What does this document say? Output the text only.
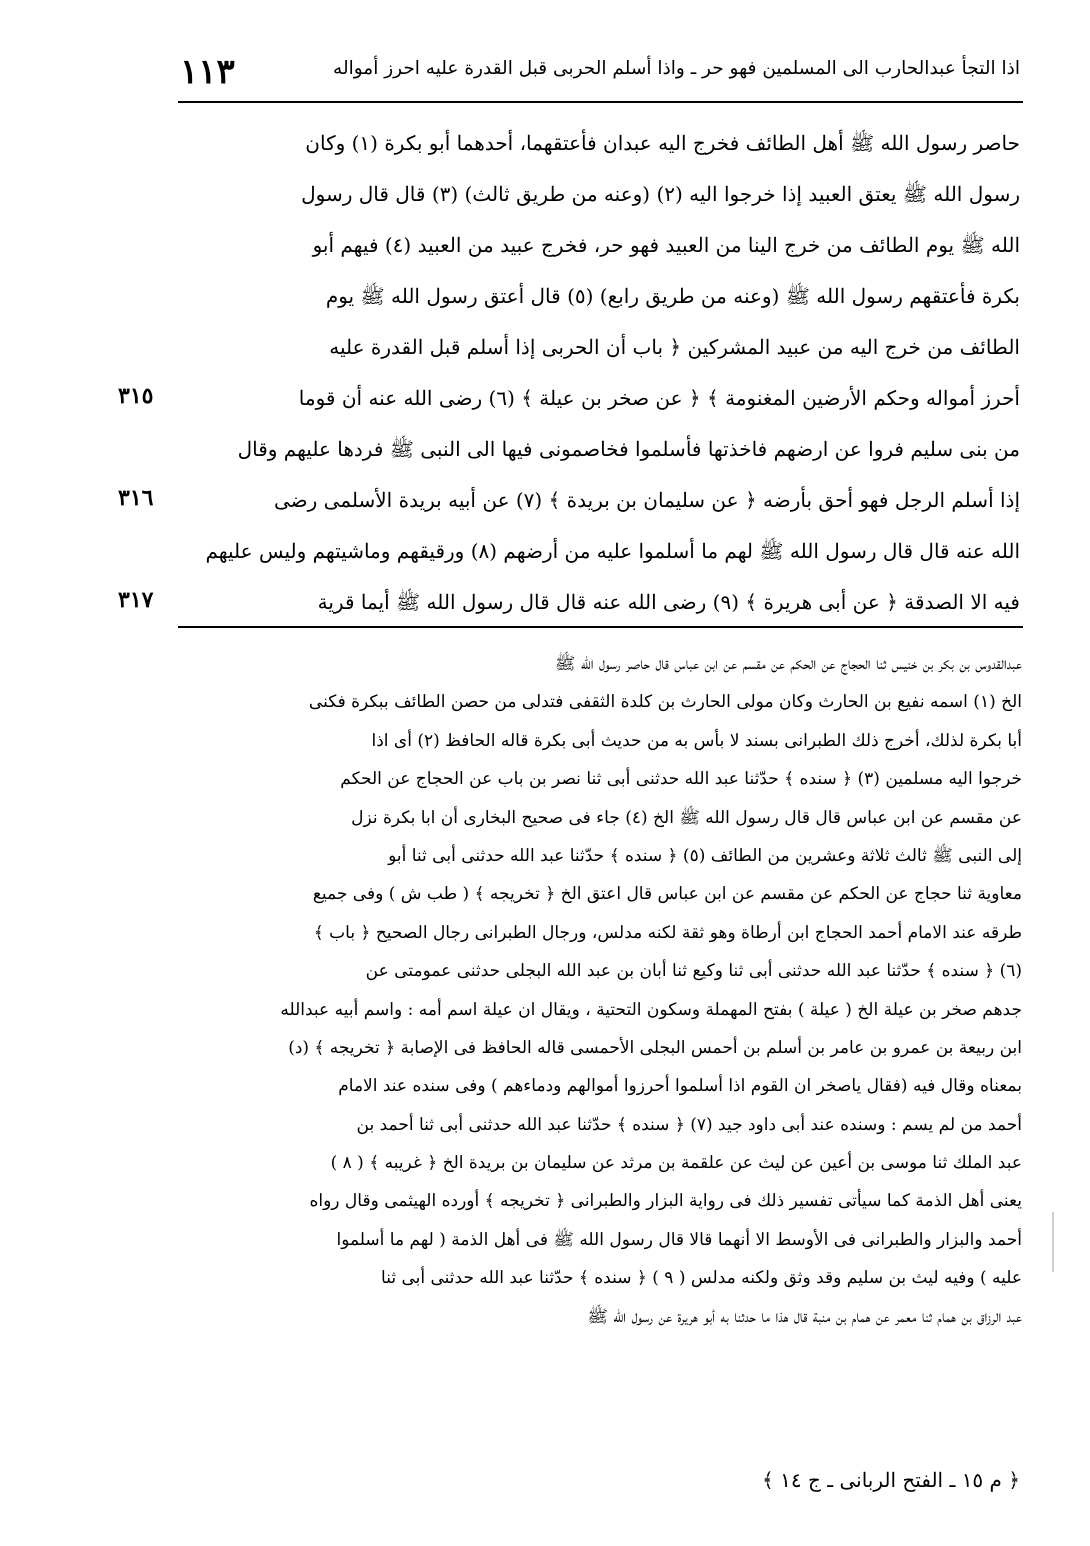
اذا التجأ عبدالحارب الى المسلمين فهو حر ـ واذا أسلم الحربى قبل القدرة عليه احرز أمواله
١١٣
حاصر رسول الله ﷺ أهل الطائف فخرج اليه عبدان فأعتقهما، أحدهما أبو بكرة (١) وكان
رسول الله ﷺ يعتق العبيد إذا خرجوا اليه (٢) (وعنه من طريق ثالث) (٣) قال قال رسول
الله ﷺ يوم الطائف من خرج الينا من العبيد فهو حر، فخرج عبيد من العبيد (٤) فيهم أبو
بكرة فأعتقهم رسول الله ﷺ (وعنه من طريق رابع) (٥) قال أعتق رسول الله ﷺ يوم
الطائف من خرج اليه من عبيد المشركين ﴿ باب أن الحربى إذا أسلم قبل القدرة عليه
أحرز أمواله وحكم الأرضين المغنومة ﴾ ﴿ عن صخر بن عيلة ﴾ (٦) رضى الله عنه أن قوما
من بنى سليم فروا عن ارضهم فاخذتها فأسلموا فخاصمونى فيها الى النبى ﷺ فردها عليهم وقال
إذا أسلم الرجل فهو أحق بأرضه ﴿ عن سليمان بن بريدة ﴾ (٧) عن أبيه بريدة الأسلمى رضى
الله عنه قال قال رسول الله ﷺ لهم ما أسلموا عليه من أرضهم (٨) ورقيقهم وماشيتهم وليس عليهم
فيه الا الصدقة ﴿ عن أبى هريرة ﴾ (٩) رضى الله عنه قال قال رسول الله ﷺ أيما قرية
٣١٥
٣١٦
٣١٧
عبدالقدوس بن بكر بن خنيس ثنا الحجاج عن الحكم عن مقسم عن ابن عباس قال حاصر رسول الله ﷺ
الخ (١) اسمه نفيع بن الحارث وكان مولى الحارث بن كلدة الثقفى فتدلى من حصن الطائف ببكرة فكنى
أبا بكرة لذلك، أخرج ذلك الطبرانى بسند لا بأس به من حديث أبى بكرة قاله الحافظ (٢) أى اذا
خرجوا اليه مسلمين (٣) ﴿ سنده ﴾ حدّثنا عبد الله حدثنى أبى ثنا نصر بن باب عن الحجاج عن الحكم
عن مقسم عن ابن عباس قال قال رسول الله ﷺ الخ (٤) جاء فى صحيح البخارى أن ابا بكرة نزل
إلى النبى ﷺ ثالث ثلاثة وعشرين من الطائف (٥) ﴿ سنده ﴾ حدّثنا عبد الله حدثنى أبى ثنا أبو
معاوية ثنا حجاج عن الحكم عن مقسم عن ابن عباس قال اعتق الخ ﴿ تخريجه ﴾ ( طب ش ) وفى جميع
طرقه عند الامام أحمد الحجاج ابن أرطاة وهو ثقة لكنه مدلس، ورجال الطبرانى رجال الصحيح ﴿ باب ﴾
(٦) ﴿ سنده ﴾ حدّثنا عبد الله حدثنى أبى ثنا وكيع ثنا أبان بن عبد الله البجلى حدثنى عمومتى عن
جدهم صخر بن عيلة الخ ( عيلة ) بفتح المهملة وسكون التحتية ، ويقال ان عيلة اسم أمه : واسم أبيه عبدالله
ابن ربيعة بن عمرو بن عامر بن أسلم بن أحمس البجلى الأحمسى قاله الحافظ فى الإصابة ﴿ تخريجه ﴾ (د)
بمعناه وقال فيه (فقال ياصخر ان القوم اذا أسلموا أحرزوا أموالهم ودماءهم ) وفى سنده عند الامام
أحمد من لم يسم : وسنده عند أبى داود جيد (٧) ﴿ سنده ﴾ حدّثنا عبد الله حدثنى أبى ثنا أحمد بن
عبد الملك ثنا موسى بن أعين عن ليث عن علقمة بن مرثد عن سليمان بن بريدة الخ ﴿ غريبه ﴾ ( ٨ )
يعنى أهل الذمة كما سيأتى تفسير ذلك فى رواية البزار والطبرانى ﴿ تخريجه ﴾ أورده الهيثمى وقال رواه
أحمد والبزار والطبرانى فى الأوسط الا أنهما قالا قال رسول الله ﷺ فى أهل الذمة ( لهم ما أسلموا
عليه ) وفيه ليث بن سليم وقد وثق ولكنه مدلس ( ٩ ) ﴿ سنده ﴾ حدّثنا عبد الله حدثنى أبى ثنا
عبد الرزاق بن همام ثنا معمر عن همام بن منبة قال هذا ما حدثنا به أبو هريرة عن رسول الله ﷺ
﴿ م ١٥ ـ الفتح الربانى ـ ج ١٤ ﴾
